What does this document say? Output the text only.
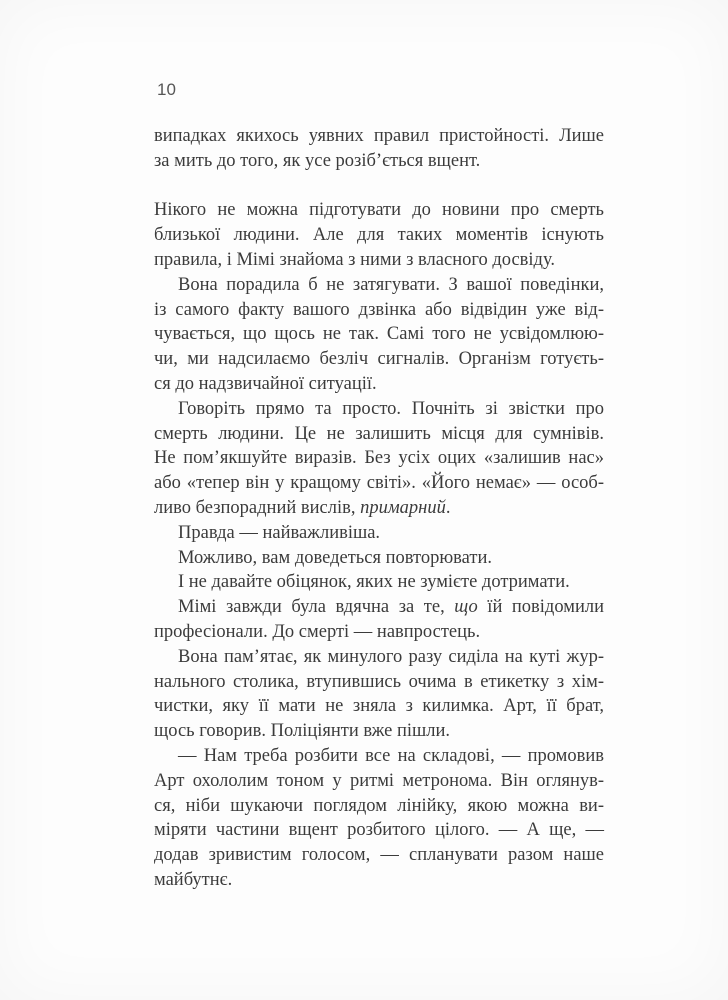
10
випадках якихось уявних правил пристойності. Лише
за мить до того, як усе розіб’ється вщент.
Нікого не можна підготувати до новини про смерть
близької людини. Але для таких моментів існують
правила, і Мімі знайома з ними з власного досвіду.
Вона порадила б не затягувати. З вашої поведінки,
із самого факту вашого дзвінка або відвідин уже від-
чувається, що щось не так. Самі того не усвідомлюю-
чи, ми надсилаємо безліч сигналів. Організм готуєть-
ся до надзвичайної ситуації.
Говоріть прямо та просто. Почніть зі звістки про
смерть людини. Це не залишить місця для сумнівів.
Не пом’якшуйте виразів. Без усіх оцих «залишив нас»
або «тепер він у кращому світі». «Його немає» — особ-
ливо безпорадний вислів, примарний.
Правда — найважливіша.
Можливо, вам доведеться повторювати.
І не давайте обіцянок, яких не зумієте дотримати.
Мімі завжди була вдячна за те, що їй повідомили
професіонали. До смерті — навпростець.
Вона пам’ятає, як минулого разу сиділа на куті жур-
нального столика, втупившись очима в етикетку з хім-
чистки, яку її мати не зняла з килимка. Арт, її брат,
щось говорив. Поліціянти вже пішли.
— Нам треба розбити все на складові, — промовив
Арт охололим тоном у ритмі метронома. Він оглянув-
ся, ніби шукаючи поглядом лінійку, якою можна ви-
міряти частини вщент розбитого цілого. — А ще, —
додав зривистим голосом, — спланувати разом наше
майбутнє.
